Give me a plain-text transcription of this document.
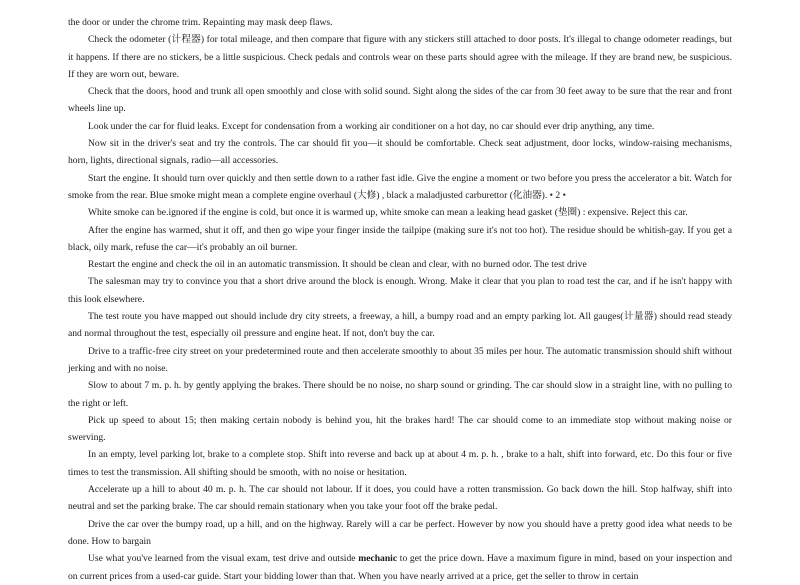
the door or under the chrome trim. Repainting may mask deep flaws.

Check the odometer (计程器) for total mileage, and then compare that figure with any stickers still attached to door posts. It's illegal to change odometer readings, but it happens. If there are no stickers, be a little suspicious. Check pedals and controls wear on these parts should agree with the mileage. If they are brand new, be suspicious. If they are worn out, beware.

Check that the doors, hood and trunk all open smoothly and close with solid sound. Sight along the sides of the car from 30 feet away to be sure that the rear and front wheels line up.

Look under the car for fluid leaks. Except for condensation from a working air conditioner on a hot day, no car should ever drip anything, any time.

Now sit in the driver's seat and try the controls. The car should fit you—it should be comfortable. Check seat adjustment, door locks, window-raising mechanisms, horn, lights, directional signals, radio—all accessories.

Start the engine. It should turn over quickly and then settle down to a rather fast idle. Give the engine a moment or two before you press the accelerator a bit. Watch for smoke from the rear. Blue smoke might mean a complete engine overhaul (大修) , black a maladjusted carburettor (化油器). • 2 •

White smoke can be.ignored if the engine is cold, but once it is warmed up, white smoke can mean a leaking head gasket (垫圈) : expensive. Reject this car.

After the engine has warmed, shut it off, and then go wipe your finger inside the tailpipe (making sure it's not too hot). The residue should be whitish-gay. If you get a black, oily mark, refuse the car—it's probably an oil burner.

Restart the engine and check the oil in an automatic transmission. It should be clean and clear, with no burned odor. The test drive

The salesman may try to convince you that a short drive around the block is enough. Wrong. Make it clear that you plan to road test the car, and if he isn't happy with this look elsewhere.

The test route you have mapped out should include dry city streets, a freeway, a hill, a bumpy road and an empty parking lot. All gauges(计量器) should read steady and normal throughout the test, especially oil pressure and engine heat. If not, don't buy the car.

Drive to a traffic-free city street on your predetermined route and then accelerate smoothly to about 35 miles per hour. The automatic transmission should shift without jerking and with no noise.

Slow to about 7 m. p. h. by gently applying the brakes. There should be no noise, no sharp sound or grinding. The car should slow in a straight line, with no pulling to the right or left.

Pick up speed to about 15; then making certain nobody is behind you, hit the brakes hard! The car should come to an immediate stop without making noise or swerving.

In an empty, level parking lot, brake to a complete stop. Shift into reverse and back up at about 4 m. p. h. , brake to a halt, shift into forward, etc. Do this four or five times to test the transmission. All shifting should be smooth, with no noise or hesitation.

Accelerate up a hill to about 40 m. p. h. The car should not labour. If it does, you could have a rotten transmission. Go back down the hill. Stop halfway, shift into neutral and set the parking brake. The car should remain stationary when you take your foot off the brake pedal.

Drive the car over the bumpy road, up a hill, and on the highway. Rarely will a car be perfect. However by now you should have a pretty good idea what needs to be done. How to bargain

Use what you've learned from the visual exam, test drive and outside mechanic to get the price down. Have a maximum figure in mind, based on your inspection and on current prices from a used-car guide. Start your bidding lower than that. When you have nearly arrived at a price, get the seller to throw in certain
